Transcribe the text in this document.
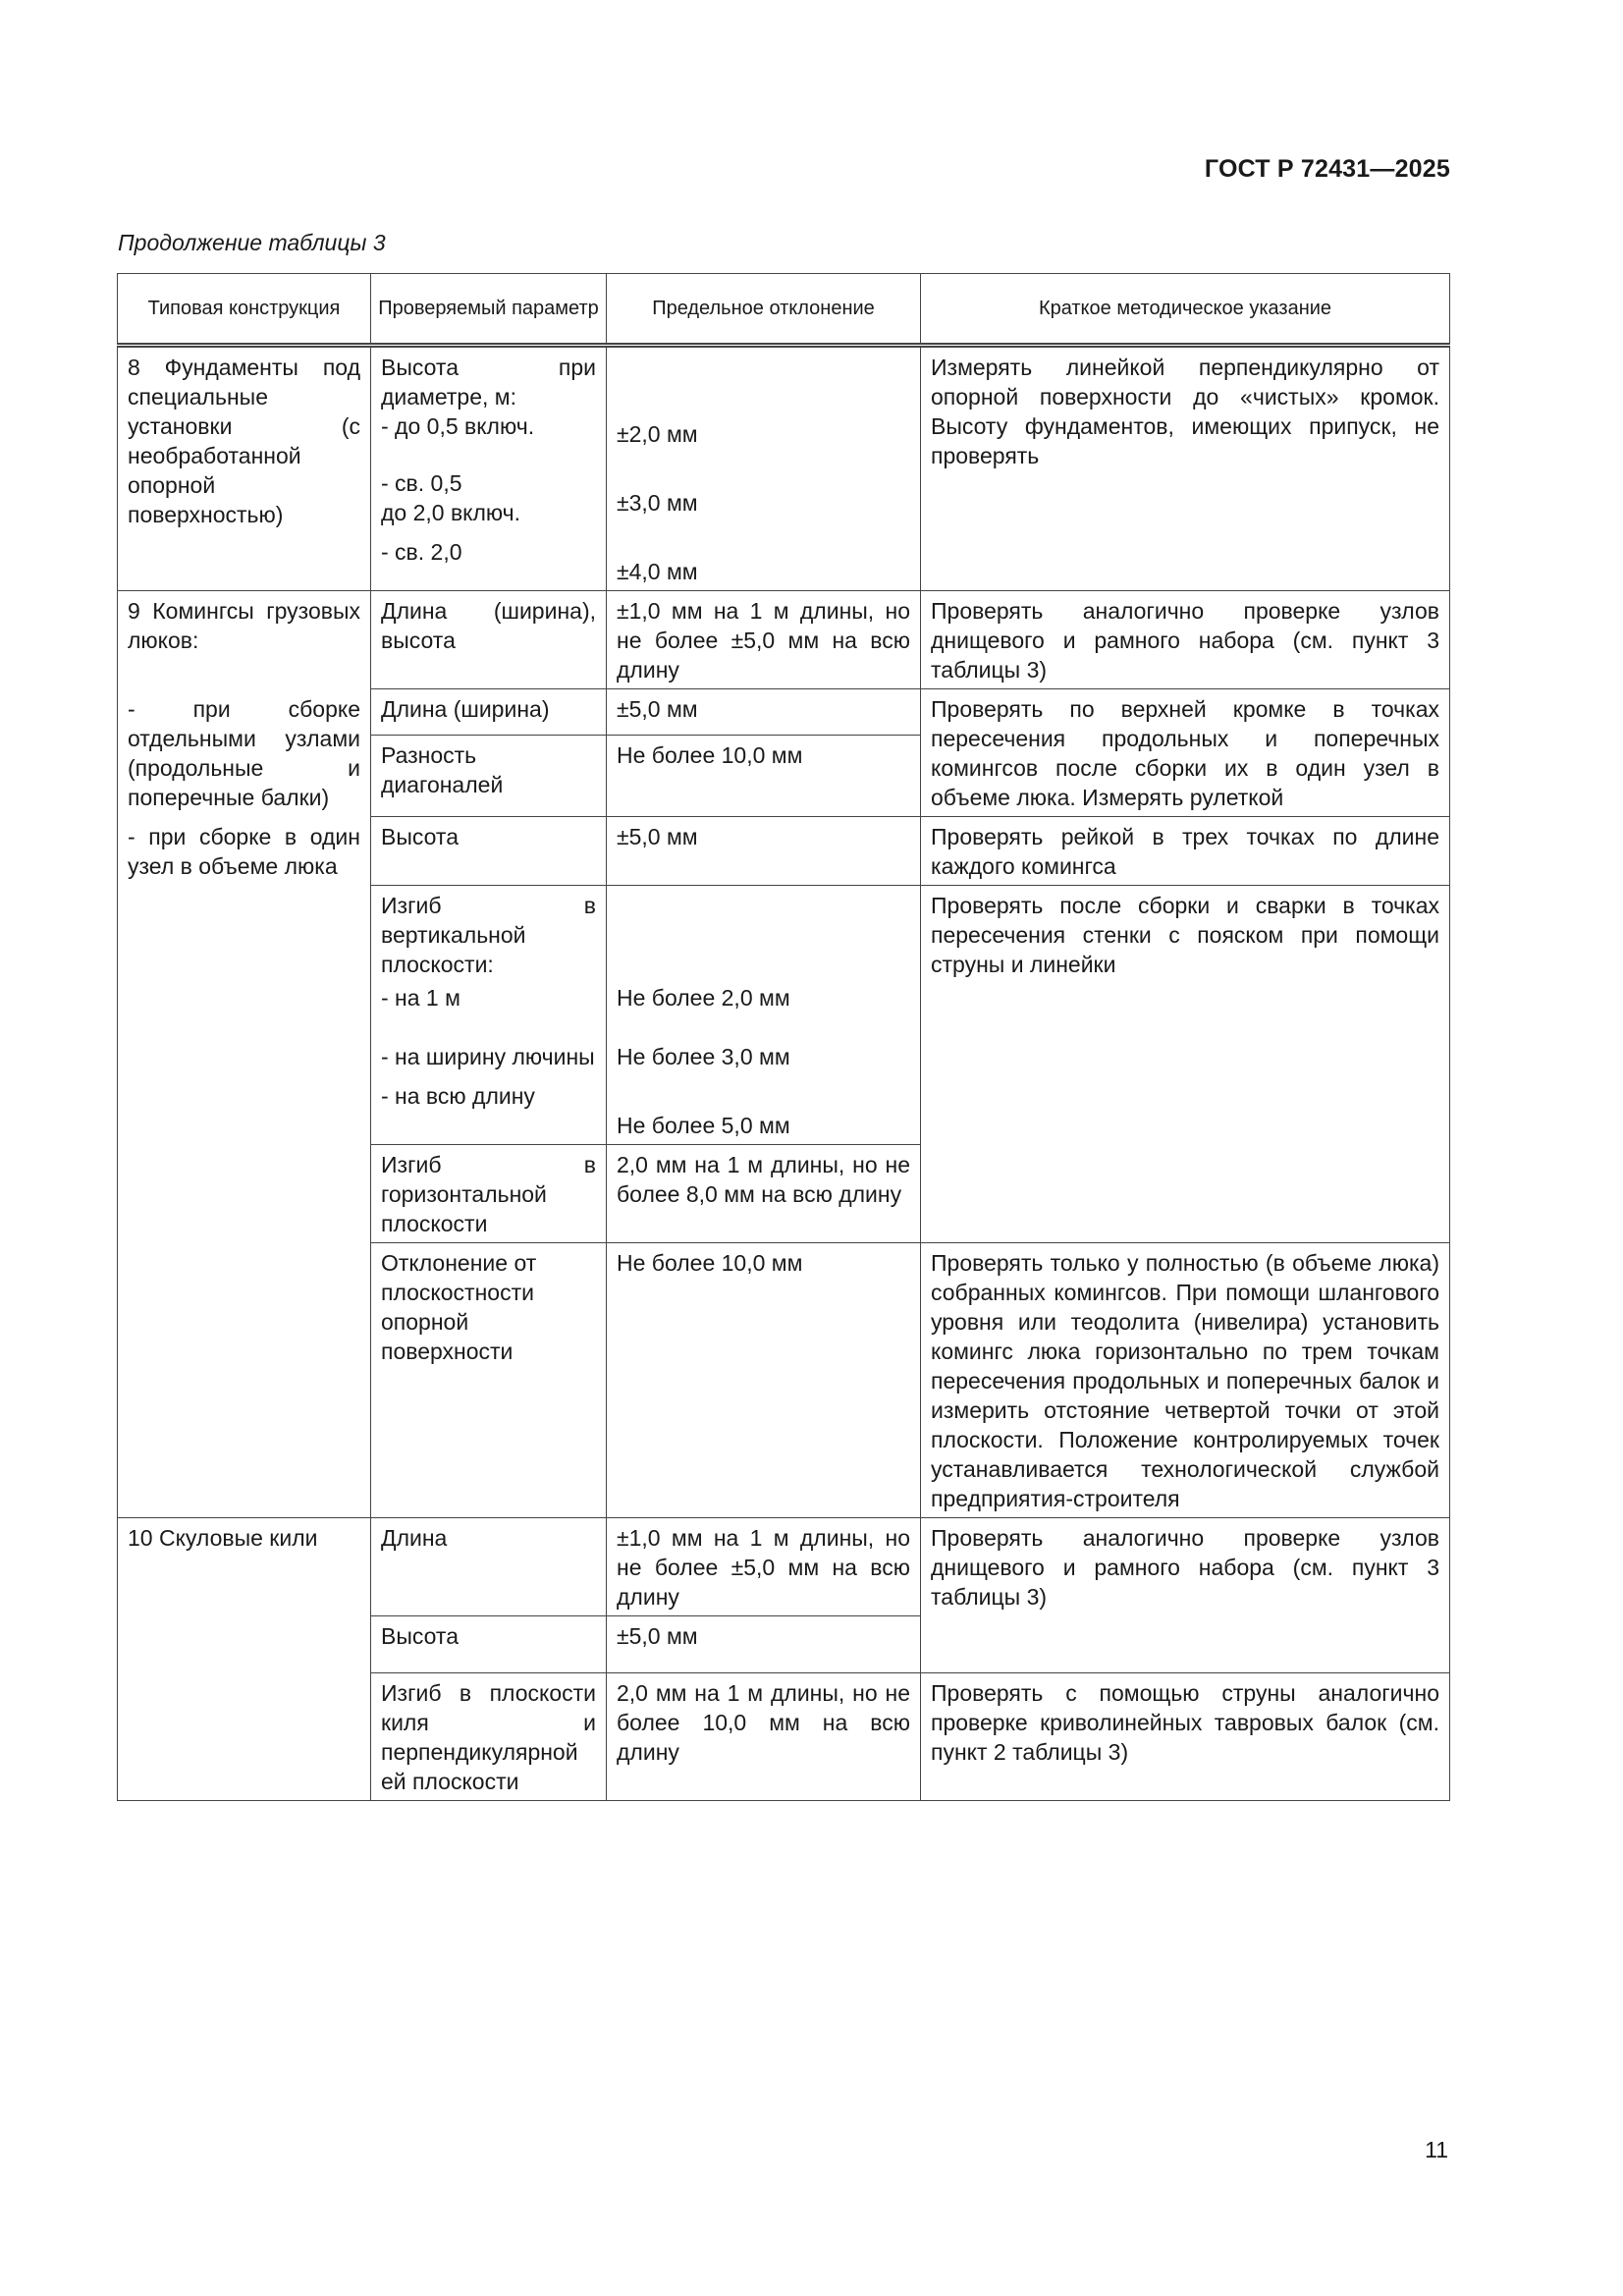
ГОСТ Р 72431—2025
Продолжение таблицы 3
Типовая конструкция	Проверяемый параметр	Предельное отклонение	Краткое методическое указание
8 Фундаменты под специальные установки (с необработанной опорной поверхностью)	Высота при диаметре, м:
- до 0,5 включ.
- св. 0,5
до 2,0 включ.
- св. 2,0	±2,0 мм
±3,0 мм
±4,0 мм	Измерять линейкой перпендикулярно от опорной поверхности до «чистых» кромок. Высоту фундаментов, имеющих припуск, не проверять

9 Комингсы грузовых люков:
- при сборке отдельными узлами (продольные и поперечные балки)
- при сборке в один узел в объеме люка	Длина (ширина), высота	±1,0 мм на 1 м длины, но не более ±5,0 мм на всю длину	Проверять аналогично проверке узлов днищевого и рамного набора (см. пункт 3 таблицы 3)
	Длина (ширина)	±5,0 мм	Проверять по верхней кромке в точках пересечения продольных и поперечных комингсов после сборки их в один узел в объеме люка. Измерять рулеткой
	Разность диагоналей	Не более 10,0 мм	
	Высота	±5,0 мм	Проверять рейкой в трех точках по длине каждого комингса

	Изгиб в вертикальной плоскости:
- на 1 м
- на ширину лючины
- на всю длину	Не более 2,0 мм
Не более 3,0 мм
Не более 5,0 мм	Проверять после сборки и сварки в точках пересечения стенки с пояском при помощи струны и линейки
	Изгиб в горизонтальной плоскости	2,0 мм на 1 м длины, но не более 8,0 мм на всю длину	
	Отклонение от плоскостности опорной поверхности	Не более 10,0 мм	Проверять только у полностью (в объеме люка) собранных комингсов. При помощи шлангового уровня или теодолита (нивелира) установить комингс люка горизонтально по трем точкам пересечения продольных и поперечных балок и измерить отстояние четвертой точки от этой плоскости. Положение контролируемых точек устанавливается технологической службой предприятия-строителя
10 Скуловые кили	Длина	±1,0 мм на 1 м длины, но не более ±5,0 мм на всю длину	Проверять аналогично проверке узлов днищевого и рамного набора (см. пункт 3 таблицы 3)
	Высота	±5,0 мм	
	Изгиб в плоскости киля и перпендикулярной ей плоскости	2,0 мм на 1 м длины, но не более 10,0 мм на всю длину	Проверять с помощью струны аналогично проверке криволинейных тавровых балок (см. пункт 2 таблицы 3)
11
